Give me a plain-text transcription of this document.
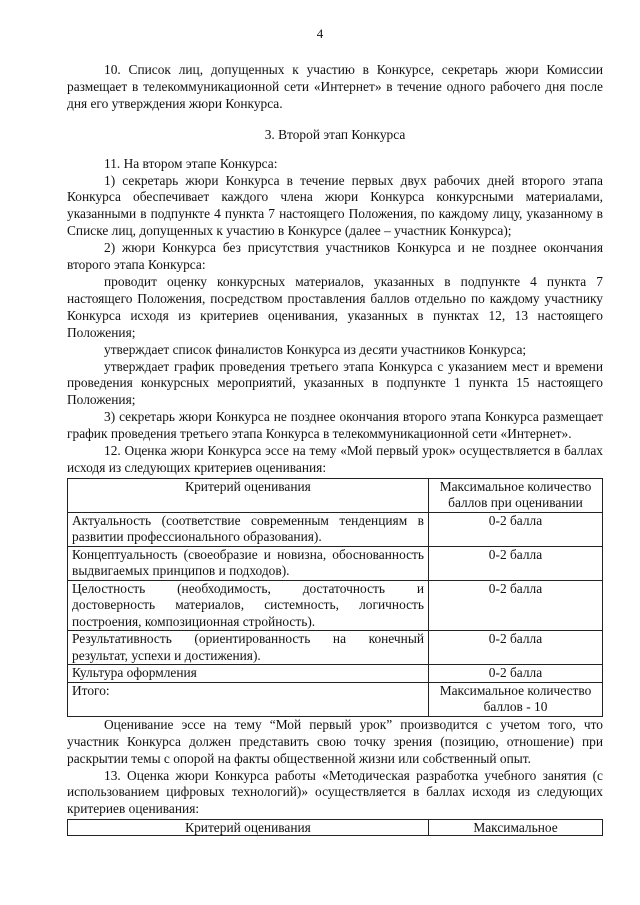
4

10. Список лиц, допущенных к участию в Конкурсе, секретарь жюри Комиссии размещает в телекоммуникационной сети «Интернет» в течение одного рабочего дня после дня его утверждения жюри Конкурса.

3. Второй этап Конкурса

11. На втором этапе Конкурса:

1) секретарь жюри Конкурса в течение первых двух рабочих дней второго этапа Конкурса обеспечивает каждого члена жюри Конкурса конкурсными материалами, указанными в подпункте 4 пункта 7 настоящего Положения, по каждому лицу, указанному в Списке лиц, допущенных к участию в Конкурсе (далее – участник Конкурса);

2) жюри Конкурса без присутствия участников Конкурса и не позднее окончания второго этапа Конкурса:

проводит оценку конкурсных материалов, указанных в подпункте 4 пункта 7 настоящего Положения, посредством проставления баллов отдельно по каждому участнику Конкурса исходя из критериев оценивания, указанных в пунктах 12, 13 настоящего Положения;

утверждает список финалистов Конкурса из десяти участников Конкурса;

утверждает график проведения третьего этапа Конкурса с указанием мест и времени проведения конкурсных мероприятий, указанных в подпункте 1 пункта 15 настоящего Положения;

3) секретарь жюри Конкурса не позднее окончания второго этапа Конкурса размещает график проведения третьего этапа Конкурса в телекоммуникационной сети «Интернет».

12. Оценка жюри Конкурса эссе на тему «Мой первый урок» осуществляется в баллах исходя из следующих критериев оценивания:

Критерий оценивания	Максимальное количество баллов при оценивании
Актуальность (соответствие современным тенденциям в развитии профессионального образования).	0-2 балла
Концептуальность (своеобразие и новизна, обоснованность выдвигаемых принципов и подходов).	0-2 балла
Целостность (необходимость, достаточность и достоверность материалов, системность, логичность построения, композиционная стройность).	0-2 балла
Результативность (ориентированность на конечный результат, успехи и достижения).	0-2 балла
Культура оформления	0-2 балла
Итого:	Максимальное количество баллов - 10

Оценивание эссе на тему “Мой первый урок” производится с учетом того, что участник Конкурса должен представить свою точку зрения (позицию, отношение) при раскрытии темы с опорой на факты общественной жизни или собственный опыт.

13. Оценка жюри Конкурса работы «Методическая разработка учебного занятия (с использованием цифровых технологий)» осуществляется в баллах исходя из следующих критериев оценивания:

Критерий оценивания	Максимальное
